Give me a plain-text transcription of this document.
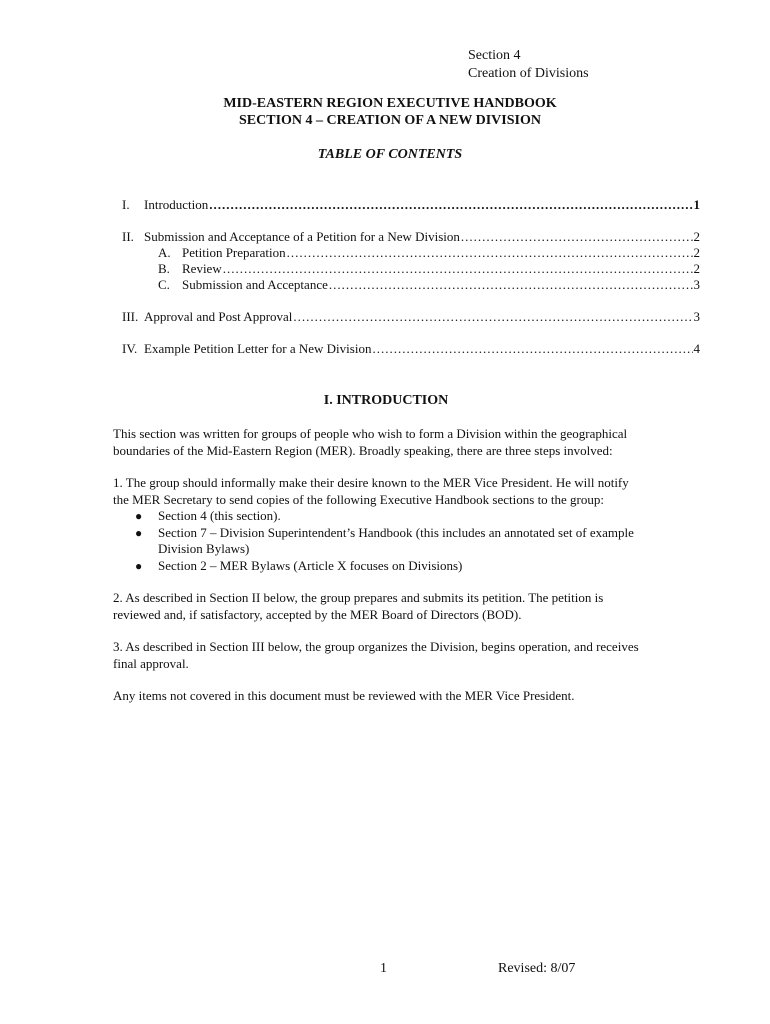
Section 4
Creation of Divisions
MID-EASTERN REGION EXECUTIVE HANDBOOK
SECTION 4 – CREATION OF A NEW DIVISION
TABLE OF CONTENTS
I. Introduction .....	1
II. Submission and Acceptance of a Petition for a New Division .....	2
A. Petition Preparation .....	2
B. Review .....	2
C. Submission and Acceptance .....	3
III. Approval and Post Approval .....	3
IV. Example Petition Letter for a New Division .....	4
I. INTRODUCTION

This section was written for groups of people who wish to form a Division within the geographical boundaries of the Mid-Eastern Region (MER). Broadly speaking, there are three steps involved:

1. The group should informally make their desire known to the MER Vice President. He will notify the MER Secretary to send copies of the following Executive Handbook sections to the group:

● Section 4 (this section).
● Section 7 – Division Superintendent’s Handbook (this includes an annotated set of example Division Bylaws)
● Section 2 – MER Bylaws (Article X focuses on Divisions)

2. As described in Section II below, the group prepares and submits its petition. The petition is reviewed and, if satisfactory, accepted by the MER Board of Directors (BOD).

3. As described in Section III below, the group organizes the Division, begins operation, and receives final approval.

Any items not covered in this document must be reviewed with the MER Vice President.

1	Revised: 8/07
